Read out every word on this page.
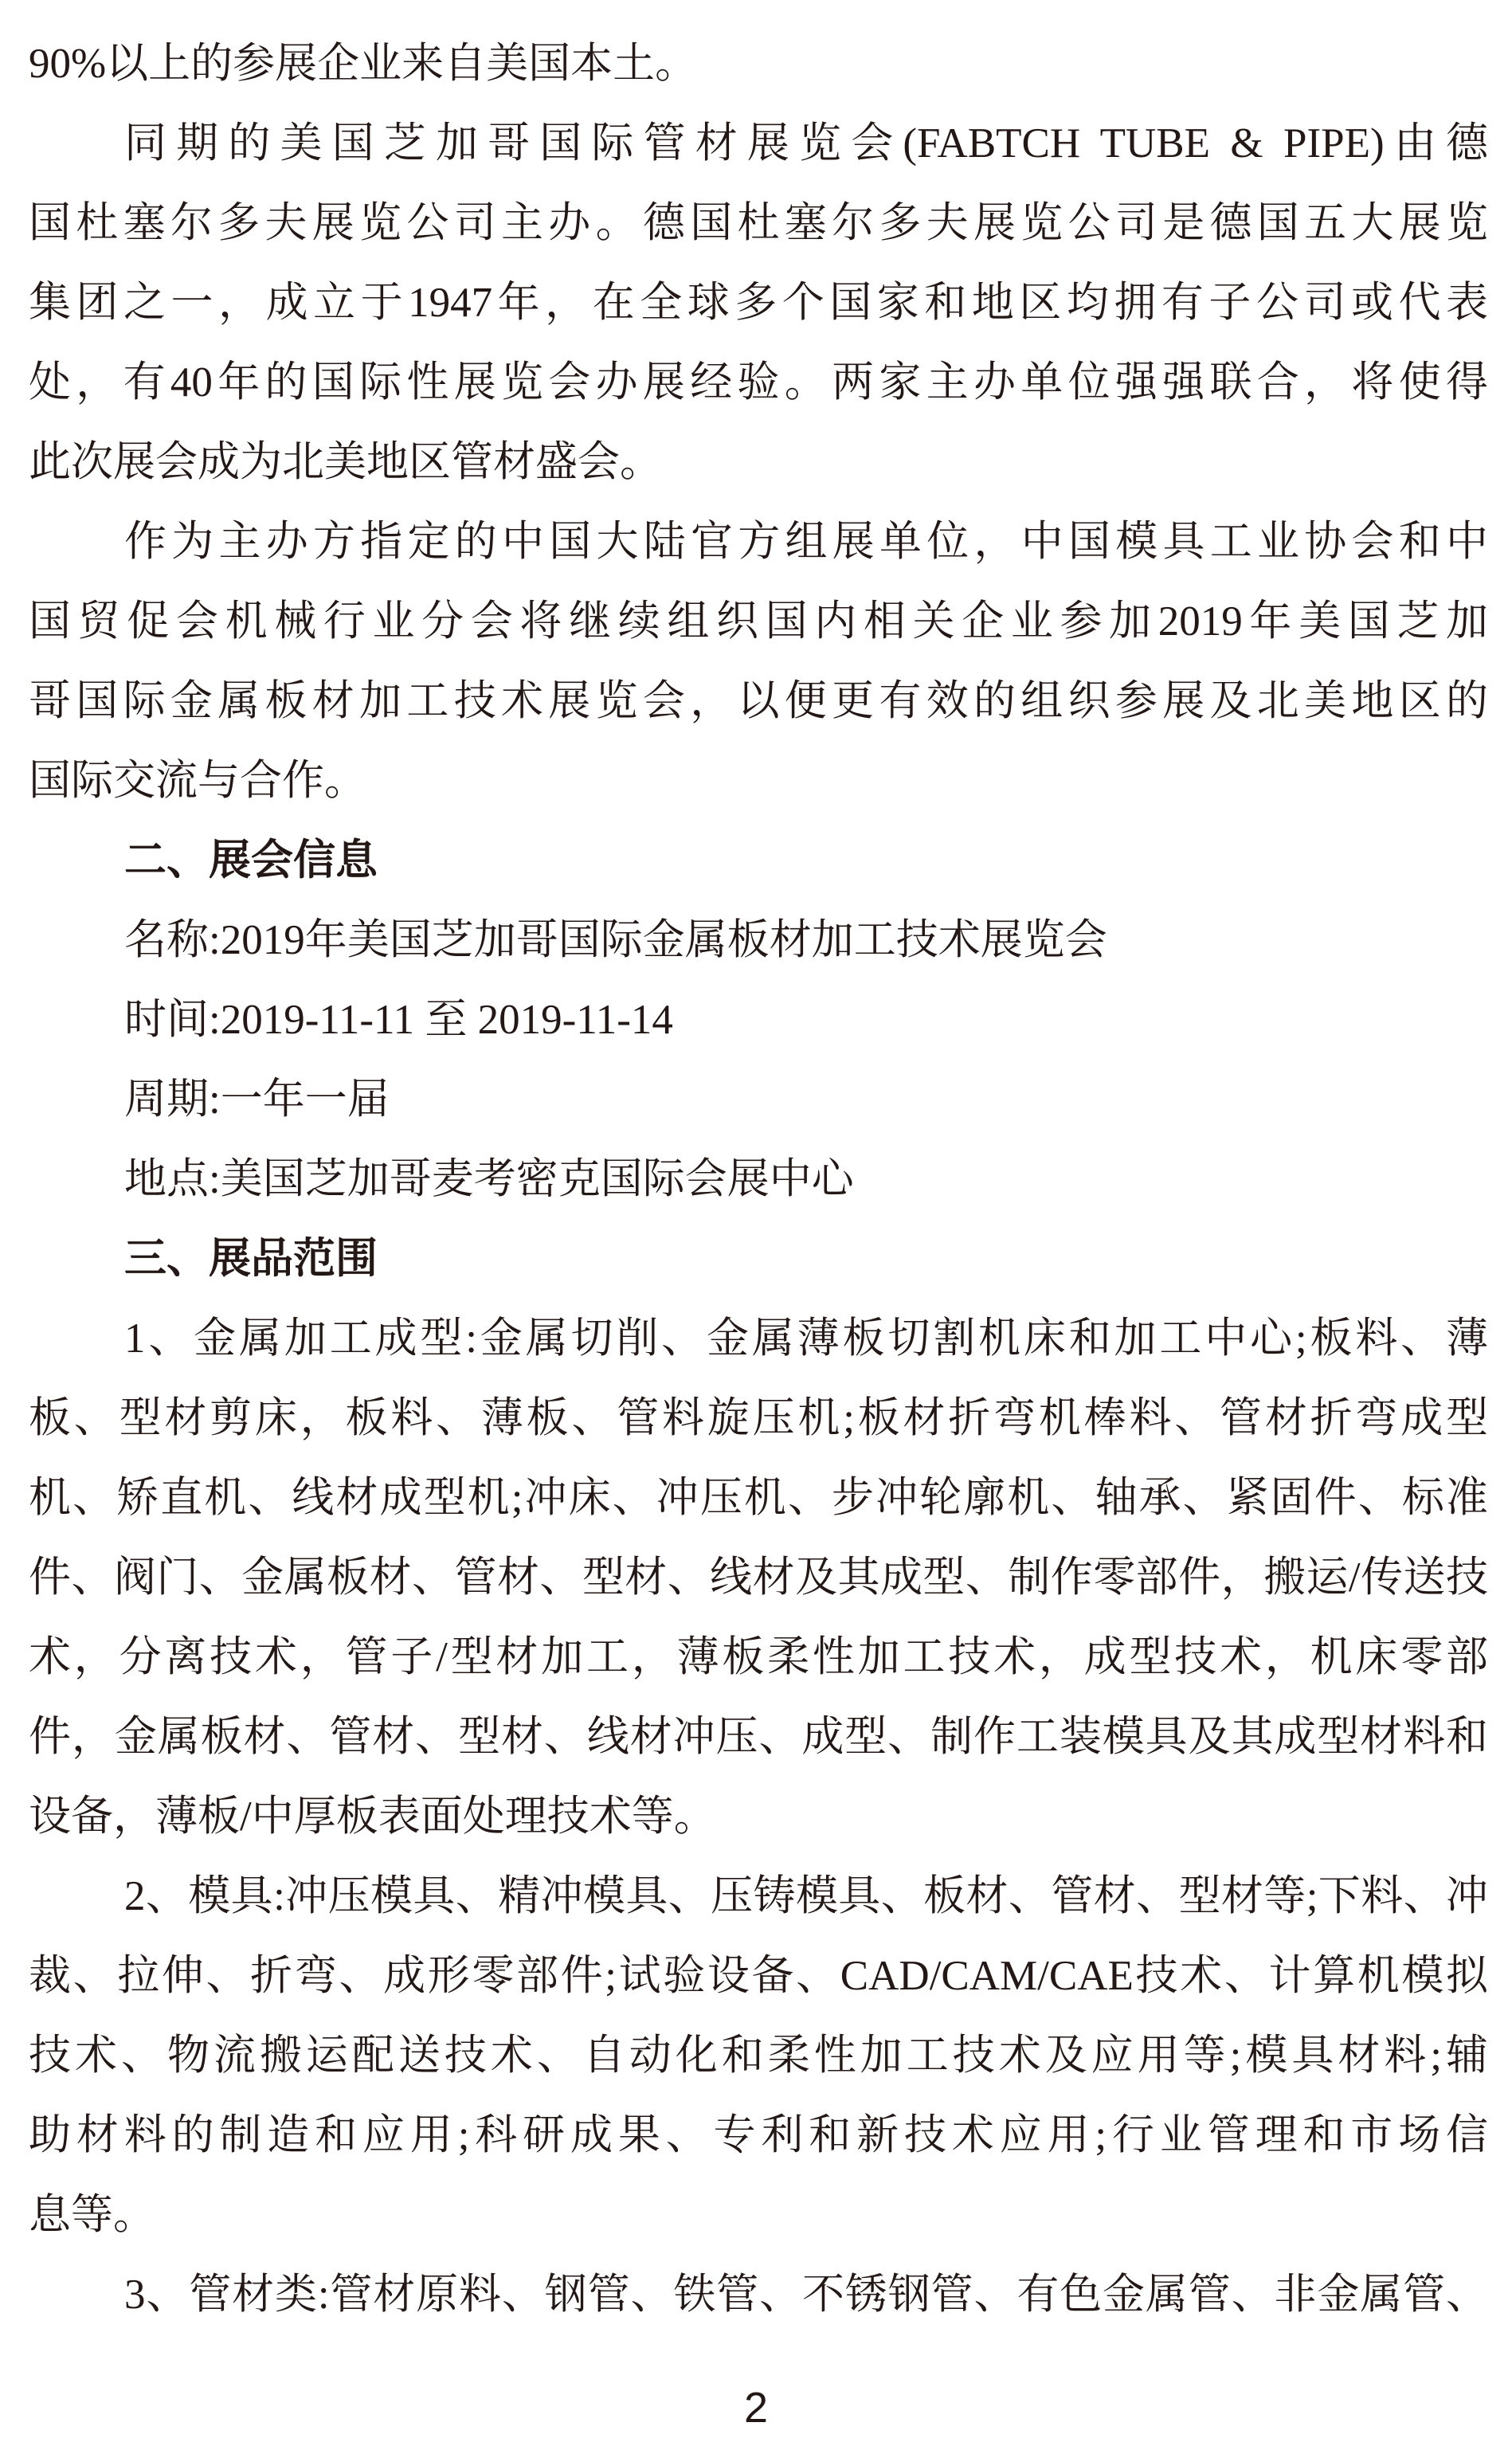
90%以上的参展企业来自美国本土。
同期的美国芝加哥国际管材展览会(FABTCH TUBE & PIPE)由德
国杜塞尔多夫展览公司主办。德国杜塞尔多夫展览公司是德国五大展览
集团之一，成立于1947年，在全球多个国家和地区均拥有子公司或代表
处，有40年的国际性展览会办展经验。两家主办单位强强联合，将使得
此次展会成为北美地区管材盛会。
作为主办方指定的中国大陆官方组展单位，中国模具工业协会和中
国贸促会机械行业分会将继续组织国内相关企业参加2019年美国芝加
哥国际金属板材加工技术展览会，以便更有效的组织参展及北美地区的
国际交流与合作。
二、展会信息
名称:2019年美国芝加哥国际金属板材加工技术展览会
时间:2019-11-11 至 2019-11-14
周期:一年一届
地点:美国芝加哥麦考密克国际会展中心
三、展品范围
1、金属加工成型:金属切削、金属薄板切割机床和加工中心;板料、薄
板、型材剪床，板料、薄板、管料旋压机;板材折弯机棒料、管材折弯成型
机、矫直机、线材成型机;冲床、冲压机、步冲轮廓机、轴承、紧固件、标准
件、阀门、金属板材、管材、型材、线材及其成型、制作零部件，搬运/传送技
术，分离技术，管子/型材加工，薄板柔性加工技术，成型技术，机床零部
件，金属板材、管材、型材、线材冲压、成型、制作工装模具及其成型材料和
设备，薄板/中厚板表面处理技术等。
2、模具:冲压模具、精冲模具、压铸模具、板材、管材、型材等;下料、冲
裁、拉伸、折弯、成形零部件;试验设备、CAD/CAM/CAE技术、计算机模拟
技术、物流搬运配送技术、自动化和柔性加工技术及应用等;模具材料;辅
助材料的制造和应用;科研成果、专利和新技术应用;行业管理和市场信
息等。
3、管材类:管材原料、钢管、铁管、不锈钢管、有色金属管、非金属管、
2
